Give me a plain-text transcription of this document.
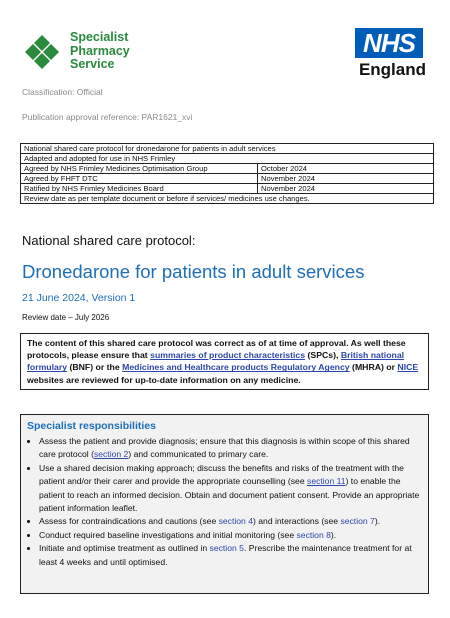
Specialist
Pharmacy
Service
NHS
England
Classification: Official
Publication approval reference: PAR1621_xvi
National shared care protocol for dronedarone for patients in adult services	
Adapted and adopted for use in NHS Frimley	
Agreed by NHS Frimley Medicines Optimisation Group	October 2024
Agreed by FHFT DTC	November 2024
Ratified by NHS Frimley Medicines Board	November 2024
Review date as per template document or before if services/ medicines use changes.	
National shared care protocol:
Dronedarone for patients in adult services
21 June 2024, Version 1
Review date – July 2026
The content of this shared care protocol was correct as of at time of approval. As well these protocols, please ensure that summaries of product characteristics (SPCs), British national formulary (BNF) or the Medicines and Healthcare products Regulatory Agency (MHRA) or NICE websites are reviewed for up-to-date information on any medicine.
Specialist responsibilities
• Assess the patient and provide diagnosis; ensure that this diagnosis is within scope of this shared care protocol (section 2) and communicated to primary care.
• Use a shared decision making approach; discuss the benefits and risks of the treatment with the patient and/or their carer and provide the appropriate counselling (see section 11) to enable the patient to reach an informed decision. Obtain and document patient consent. Provide an appropriate patient information leaflet.
• Assess for contraindications and cautions (see section 4) and interactions (see section 7).
• Conduct required baseline investigations and initial monitoring (see section 8).
• Initiate and optimise treatment as outlined in section 5. Prescribe the maintenance treatment for at least 4 weeks and until optimised.
